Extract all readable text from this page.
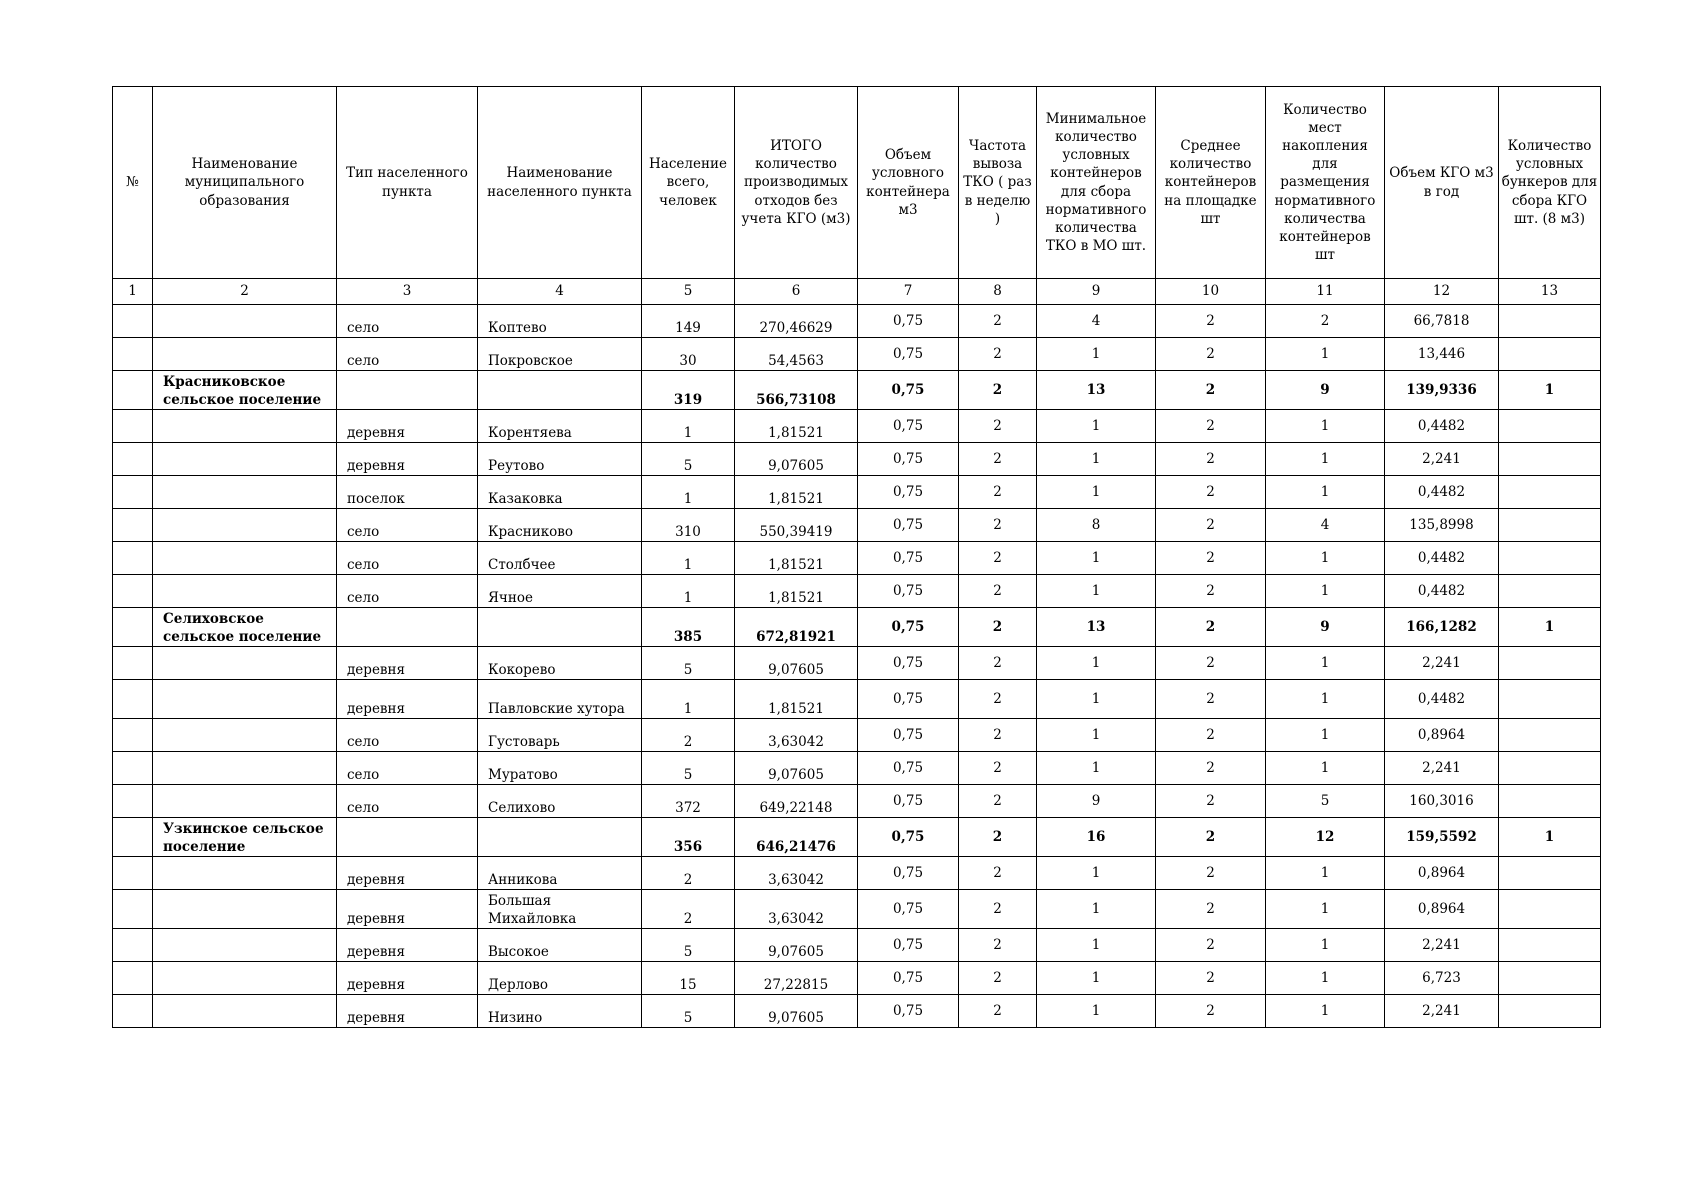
№	Наименование муниципального образования	Тип населенного пункта	Наименование населенного пункта	Население всего, человек	ИТОГО количество производимых отходов без учета КГО (м3)	Объем условного контейнера м3	Частота вывоза ТКО ( раз в неделю )	Минимальное количество условных контейнеров для сбора нормативного количества ТКО в МО шт.	Среднее количество контейнеров на площадке шт	Количество мест накопления для размещения нормативного количества контейнеров шт	Объем КГО м3 в год	Количество условных бункеров для сбора КГО шт. (8 м3)
1	2	3	4	5	6	7	8	9	10	11	12	13
		село	Коптево	149	270,46629	0,75	2	4	2	2	66,7818	
		село	Покровское	30	54,4563	0,75	2	1	2	1	13,446	
	Красниковское сельское поселение			319	566,73108	0,75	2	13	2	9	139,9336	1
		деревня	Корентяева	1	1,81521	0,75	2	1	2	1	0,4482	
		деревня	Реутово	5	9,07605	0,75	2	1	2	1	2,241	
		поселок	Казаковка	1	1,81521	0,75	2	1	2	1	0,4482	
		село	Красниково	310	550,39419	0,75	2	8	2	4	135,8998	
		село	Столбчее	1	1,81521	0,75	2	1	2	1	0,4482	
		село	Ячное	1	1,81521	0,75	2	1	2	1	0,4482	
	Селиховское сельское поселение			385	672,81921	0,75	2	13	2	9	166,1282	1
		деревня	Кокорево	5	9,07605	0,75	2	1	2	1	2,241	
		деревня	Павловские хутора	1	1,81521	0,75	2	1	2	1	0,4482	
		село	Густоварь	2	3,63042	0,75	2	1	2	1	0,8964	
		село	Муратово	5	9,07605	0,75	2	1	2	1	2,241	
		село	Селихово	372	649,22148	0,75	2	9	2	5	160,3016	
	Узкинское сельское поселение			356	646,21476	0,75	2	16	2	12	159,5592	1
		деревня	Анникова	2	3,63042	0,75	2	1	2	1	0,8964	
		деревня	Большая Михайловка	2	3,63042	0,75	2	1	2	1	0,8964	
		деревня	Высокое	5	9,07605	0,75	2	1	2	1	2,241	
		деревня	Дерлово	15	27,22815	0,75	2	1	2	1	6,723	
		деревня	Низино	5	9,07605	0,75	2	1	2	1	2,241	
